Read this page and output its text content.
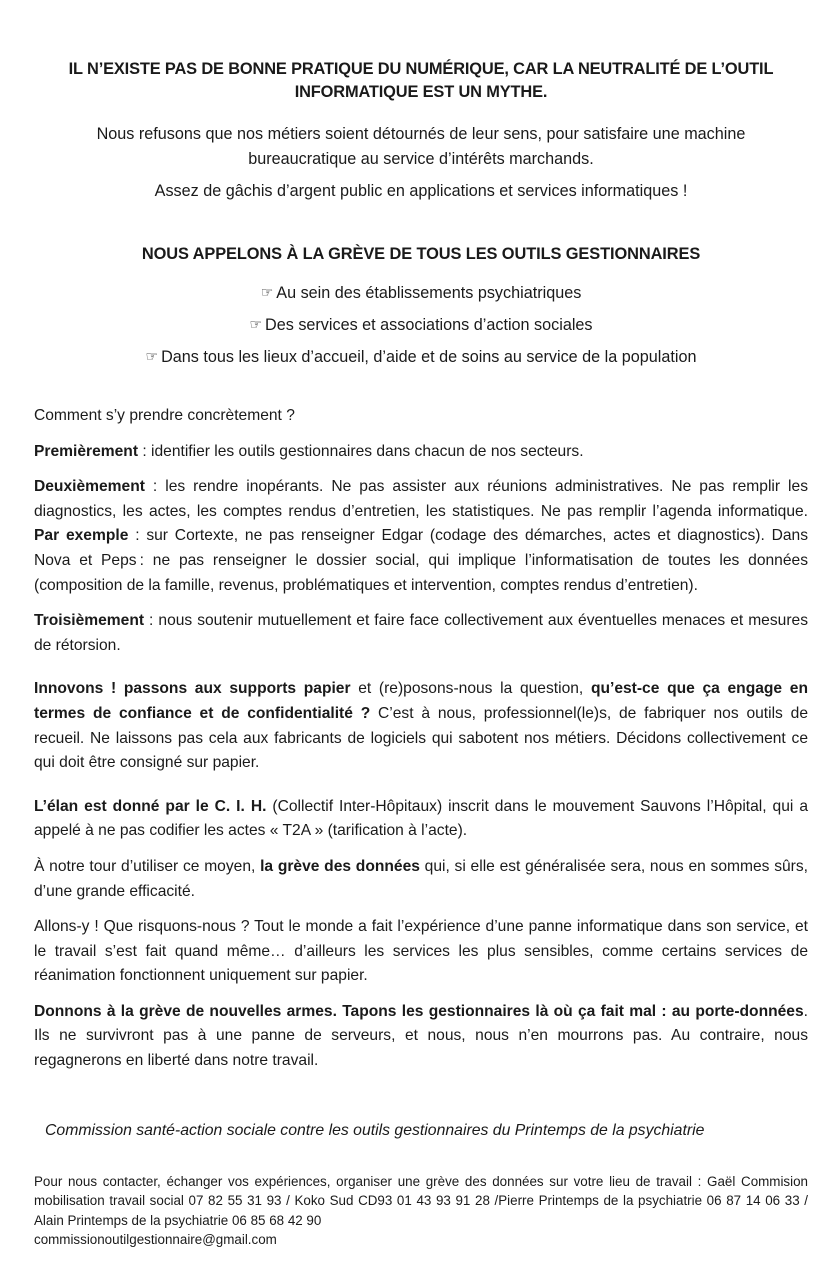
IL N’EXISTE PAS DE BONNE PRATIQUE DU NUMÉRIQUE, CAR LA NEUTRALITÉ DE L’OUTIL INFORMATIQUE EST UN MYTHE.

Nous refusons que nos métiers soient détournés de leur sens, pour satisfaire une machine bureaucratique au service d’intérêts marchands.

Assez de gâchis d’argent public en applications et services informatiques !

NOUS APPELONS À LA GRÈVE DE TOUS LES OUTILS GESTIONNAIRES
☞ Au sein des établissements psychiatriques
☞ Des services et associations d’action sociales
☞ Dans tous les lieux d’accueil, d’aide et de soins au service de la population

Comment s’y prendre concrètement ?

Premièrement : identifier les outils gestionnaires dans chacun de nos secteurs.

Deuxièmement : les rendre inopérants. Ne pas assister aux réunions administratives. Ne pas remplir les diagnostics, les actes, les comptes rendus d’entretien, les statistiques. Ne pas remplir l’agenda informatique. Par exemple : sur Cortexte, ne pas renseigner Edgar (codage des démarches, actes et diagnostics). Dans Nova et Peps : ne pas renseigner le dossier social, qui implique l’informatisation de toutes les données (composition de la famille, revenus, problématiques et intervention, comptes rendus d’entretien).

Troisièmement : nous soutenir mutuellement et faire face collectivement aux éventuelles menaces et mesures de rétorsion.

Innovons ! passons aux supports papier et (re)posons-nous la question, qu’est-ce que ça engage en termes de confiance et de confidentialité ? C’est à nous, professionnel(le)s, de fabriquer nos outils de recueil. Ne laissons pas cela aux fabricants de logiciels qui sabotent nos métiers. Décidons collectivement ce qui doit être consigné sur papier.

L’élan est donné par le C. I. H. (Collectif Inter-Hôpitaux) inscrit dans le mouvement Sauvons l’Hôpital, qui a appelé à ne pas codifier les actes « T2A » (tarification à l’acte).

À notre tour d’utiliser ce moyen, la grève des données qui, si elle est généralisée sera, nous en sommes sûrs, d’une grande efficacité.

Allons-y ! Que risquons-nous ? Tout le monde a fait l’expérience d’une panne informatique dans son service, et le travail s’est fait quand même… d’ailleurs les services les plus sensibles, comme certains services de réanimation fonctionnent uniquement sur papier.

Donnons à la grève de nouvelles armes. Tapons les gestionnaires là où ça fait mal : au porte-données. Ils ne survivront pas à une panne de serveurs, et nous, nous n’en mourrons pas. Au contraire, nous regagnerons en liberté dans notre travail.

Commission santé-action sociale contre les outils gestionnaires du Printemps de la psychiatrie
Pour nous contacter, échanger vos expériences, organiser une grève des données sur votre lieu de travail : Gaël Commision mobilisation travail social 07 82 55 31 93 / Koko Sud CD93 01 43 93 91 28 /Pierre Printemps de la psychiatrie 06 87 14 06 33 / Alain Printemps de la psychiatrie 06 85 68 42 90
commissionoutilgestionnaire@gmail.com
